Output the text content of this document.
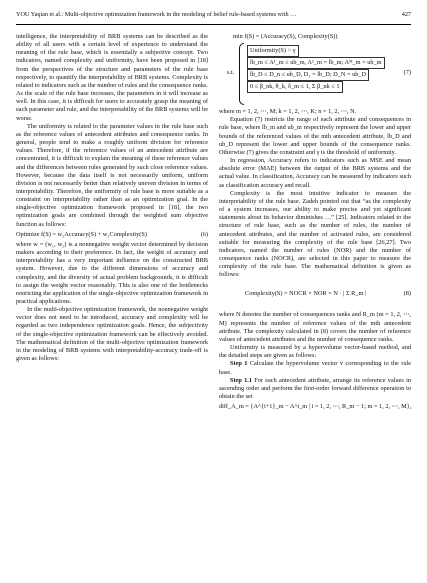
YOU Yaqian et al.: Multi-objective optimization framework in the modeling of belief rule-based systems with …	427

intelligence, the interpretability of BRB systems can be described as the ability of all users with a certain level of experience to understand the meaning of the rule base, which is essentially a subjective concept. Two indicators, named complexity and uniformity, have been proposed in [18] from the perspectives of the structure and parameters of the rule base respectively, to quantify the interpretability of BRB systems. Complexity is related to indicators such as the number of rules and the consequence ranks. As the scale of the rule base increases, the parameters in it will increase as well. In this case, it is difficult for users to accurately grasp the meaning of each parameter and rule, and the interpretability of the BRB systems will be worse.

The uniformity is related to the parameter values in the rule base such as the reference values of antecedent attributes and consequence ranks. In general, people tend to make a roughly uniform division for reference values. Therefore, if the reference values of an antecedent attribute are concentrated, it is difficult to explain the meaning of these reference values and the differences between rules generated by such close reference values. However, because the data itself is not necessarily uniform, uniform division is not necessarily better than relatively uneven division in terms of interpretability. Therefore, the uniformity of rule base is more suitable as a constraint on interpretability rather than as an optimization goal. In the single-objective optimization framework proposed in [18], the two optimization goals are combined through the weighted sum objective function as follows:

Optimize f(S) = w₁Accuracy(S) + w₂Complexity(S)	(6)

where w = (w₁, w₂) is a nonnegative weight vector determined by decision makers according to their preference. In fact, the weight of accuracy and interpretability has a very important influence on the constructed BRB system. However, due to the different dimensions of accuracy and complexity, and the diversity of actual problem backgrounds, it is difficult to assign the weight vector reasonably. This is also one of the bottlenecks restricting the application of the single-objective optimization framework in practical applications.

In the multi-objective optimization framework, the nonnegative weight vector does not need to be introduced, accuracy and complexity will be regarded as two independence optimization goals. Hence, the subjectivity of the single-objective optimization framework can be effectively avoided. The mathematical definition of the multi-objective optimization framework in the modeling of BRB systems with interpretability-accuracy trade-off is given as follows:

min f(S) = (Accuracy(S), Complexity(S))
s.t.
Uniformity(S) > γ
lb_m ≤ A¹_m ≤ ub_m, A¹_m = lb_m; Aᴹ_m = ub_m
lb_D ≤ D_n ≤ ub_D, D₁ = lb_D; D_N = ub_D
0 ≤ β_nk, θ_k, δ_m ≤ 1, Σ β_nk ≤ 1
(7)

where m = 1, 2, ⋯, M; k = 1, 2, ⋯, K; n = 1, 2, ⋯, N.

Equation (7) restricts the range of each attribute and consequences in rule base, where lb_m and ub_m respectively represent the lower and upper bounds of the referenced values of the mth antecedent attribute, lb_D and ub_D represent the lower and upper bounds of the consequence ranks. Otherwise (7) gives the constraint and γ is the threshold of uniformity.

In regression, Accuracy refers to indicators such as MSE and mean absolute error (MAE) between the output of the BRB systems and the actual value. In classification, Accuracy can be measured by indicators such as classification accuracy and recall.

Complexity is the most intuitive indicator to measure the interpretability of the rule base. Zadeh pointed out that “as the complexity of a system increases, our ability to make precise and yet significant statements about its behavior diminishes …” [25]. Indicators related to the structure of rule base, such as the number of rules, the number of antecedent attributes, and the number of activated rules, are considered suitable for measuring the complexity of the rule base [26,27]. Two indicators, named the number of rules (NOR) and the number of consequence ranks (NOCR), are selected in this paper to measure the complexity of the rule base. The mathematical definition is given as follows:

Complexity(S) = NOCR × NOR = N · | Σ R_m |	(8)

where N denotes the number of consequences ranks and R_m (m = 1, 2, ⋯, M) represents the number of reference values of the mth antecedent attribute. The complexity calculated in (8) covers the number of reference values of antecedent attributes and the number of consequence ranks.

Uniformity is measured by a hypervolume vector-based method, and the detailed steps are given as follows:

Step 1 Calculate the hypervolume vector v corresponding to the rule base.

Step 1.1 For each antecedent attribute, arrange its reference values in ascending order and perform the first-order forward difference operation to obtain the set

diff_A_m = {A^{i+1}_m − A^i_m | i = 1, 2, ⋯, R_m − 1; m = 1, 2, ⋯, M},
